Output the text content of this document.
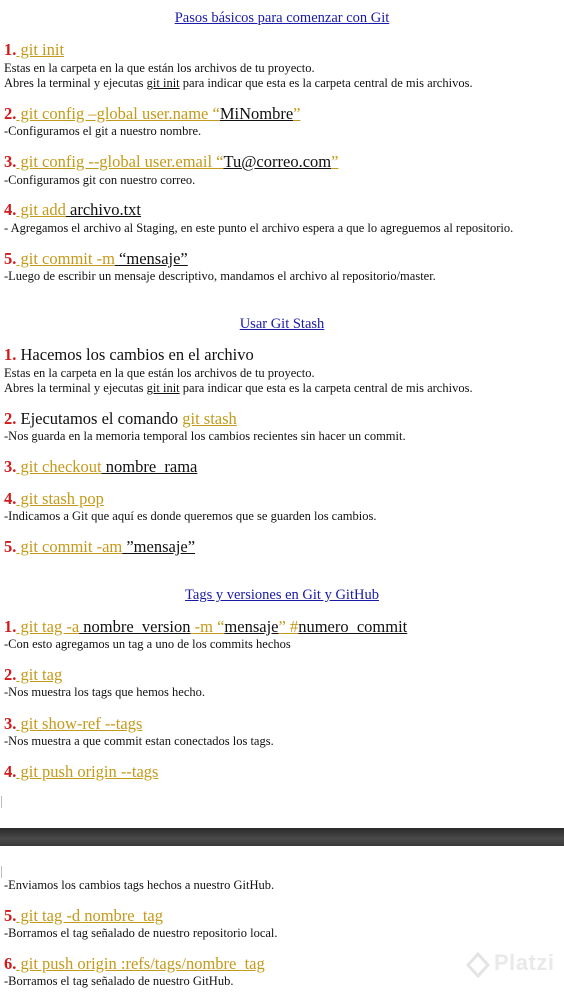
Pasos básicos para comenzar con Git
1. git init
Estas en la carpeta en la que están los archivos de tu proyecto.
Abres la terminal y ejecutas git init para indicar que esta es la carpeta central de mis archivos.
2. git config –global user.name “MiNombre”
-Configuramos el git a nuestro nombre.
3. git config --global user.email “Tu@correo.com”
-Configuramos git con nuestro correo.
4. git add archivo.txt
- Agregamos el archivo al Staging, en este punto el archivo espera a que lo agreguemos al repositorio.
5. git commit -m “mensaje”
-Luego de escribir un mensaje descriptivo, mandamos el archivo al repositorio/master.
Usar Git Stash
1. Hacemos los cambios en el archivo
Estas en la carpeta en la que están los archivos de tu proyecto.
Abres la terminal y ejecutas git init para indicar que esta es la carpeta central de mis archivos.
2. Ejecutamos el comando git stash
-Nos guarda en la memoria temporal los cambios recientes sin hacer un commit.
3. git checkout nombre_rama
4. git stash pop
-Indicamos a Git que aquí es donde queremos que se guarden los cambios.
5. git commit -am ”mensaje”
Tags y versiones en Git y GitHub
1. git tag -a nombre_version -m “mensaje” #numero_commit
-Con esto agregamos un tag a uno de los commits hechos
2. git tag
-Nos muestra los tags que hemos hecho.
3. git show-ref --tags
-Nos muestra a que commit estan conectados los tags.
4. git push origin --tags
-Enviamos los cambios tags hechos a nuestro GitHub.
5. git tag -d nombre_tag
-Borramos el tag señalado de nuestro repositorio local.
6. git push origin :refs/tags/nombre_tag
-Borramos el tag señalado de nuestro GitHub.
Platzi
